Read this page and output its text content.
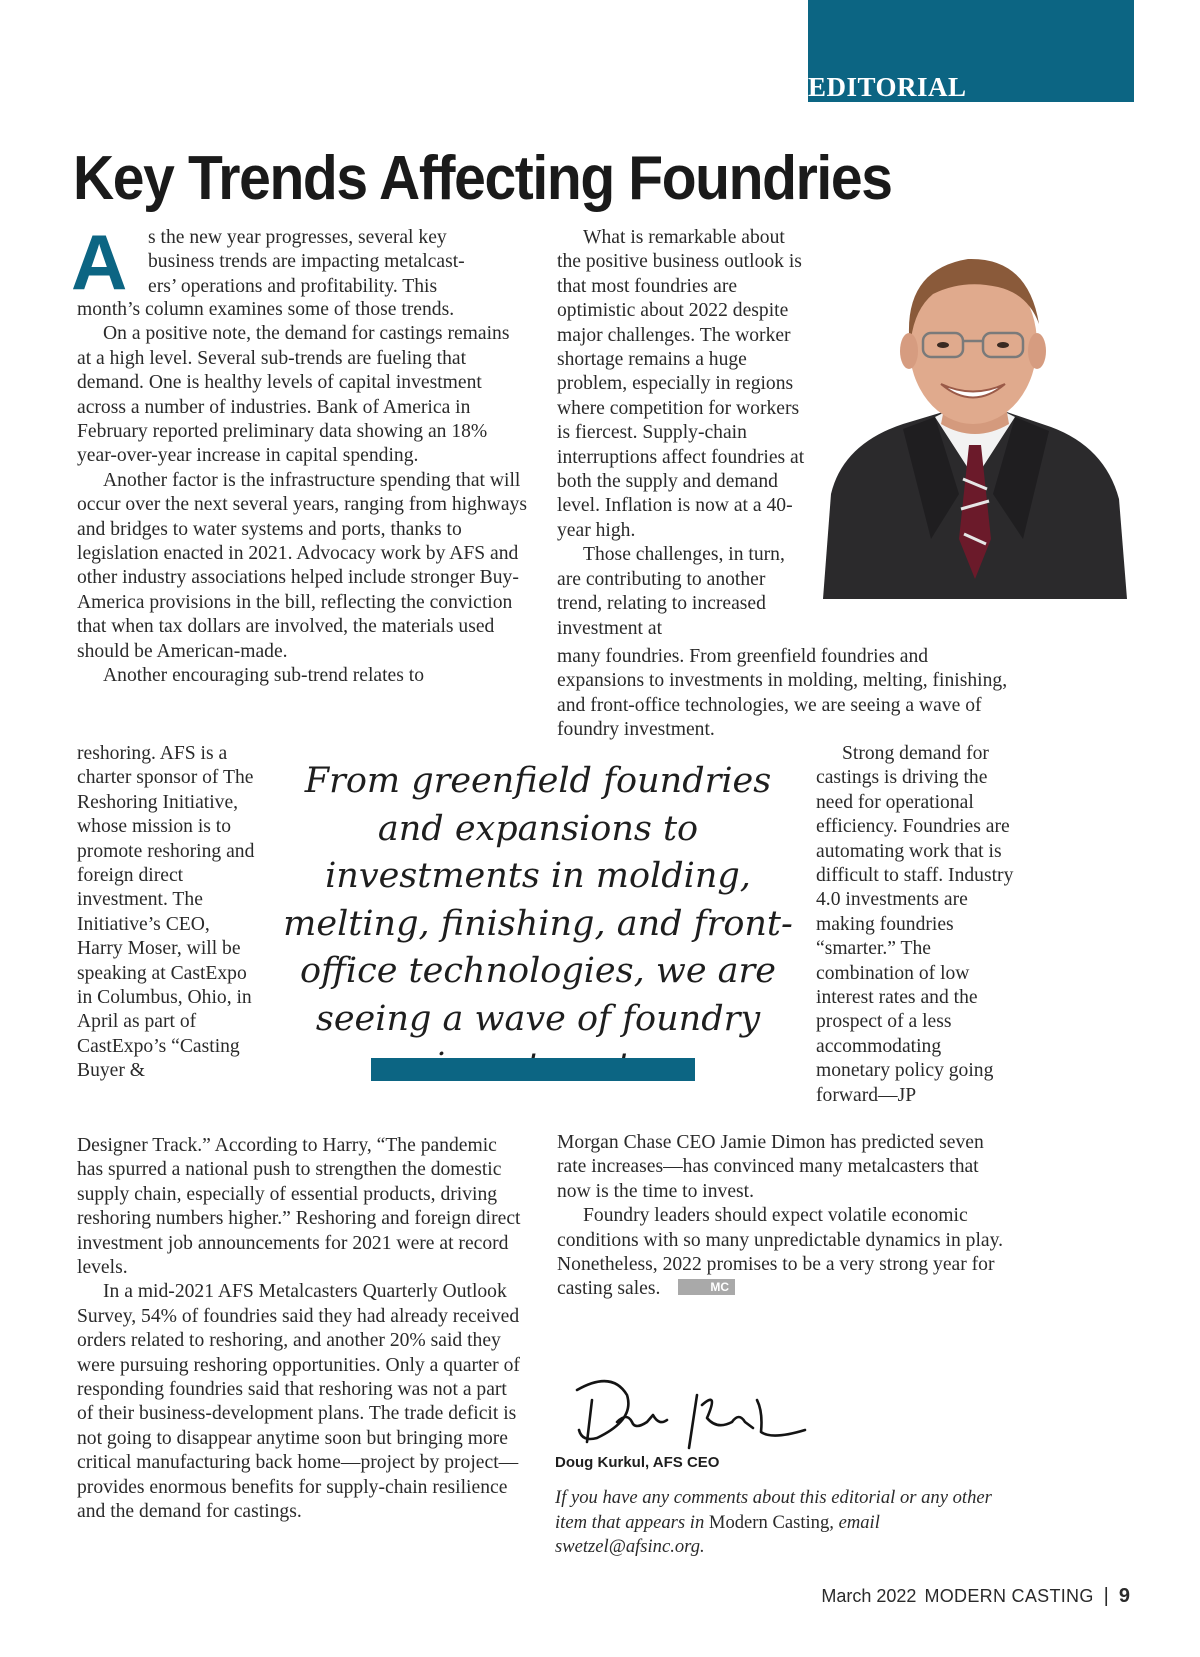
EDITORIAL
Key Trends Affecting Foundries
A s the new year progresses, several key
business trends are impacting metalcast-
ers’ operations and profitability. This

month’s column examines some of those trends.

On a positive note, the demand for castings remains at a high level. Several sub-trends are fueling that demand. One is healthy levels of capital investment across a number of industries. Bank of America in February reported preliminary data showing an 18% year-over-year increase in capital spending.

Another factor is the infrastructure spending that will occur over the next several years, ranging from highways and bridges to water systems and ports, thanks to legislation enacted in 2021. Advocacy work by AFS and other industry associations helped include stronger Buy-America provisions in the bill, reflecting the conviction that when tax dollars are involved, the materials used should be American-made.

Another encouraging sub-trend relates to

reshoring. AFS is a charter sponsor of The Reshoring Initiative, whose mission is to promote reshoring and foreign direct investment. The Initiative’s CEO, Harry Moser, will be speaking at CastExpo in Columbus, Ohio, in April as part of CastExpo’s “Casting Buyer &

Designer Track.” According to Harry, “The pandemic has spurred a national push to strengthen the domestic supply chain, especially of essential products, driving reshoring numbers higher.” Reshoring and foreign direct investment job announcements for 2021 were at record levels.

In a mid-2021 AFS Metalcasters Quarterly Outlook Survey, 54% of foundries said they had already received orders related to reshoring, and another 20% said they were pursuing reshoring opportunities. Only a quarter of responding foundries said that reshoring was not a part of their business-development plans. The trade deficit is not going to disappear anytime soon but bringing more critical manufacturing back home—project by project—provides enormous benefits for supply-chain resilience and the demand for castings.

What is remarkable about the positive business outlook is that most foundries are optimistic about 2022 despite major challenges. The worker shortage remains a huge problem, especially in regions where competition for workers is fiercest. Supply-chain interruptions affect foundries at both the supply and demand level. Inflation is now at a 40-year high.

Those challenges, in turn, are contributing to another trend, relating to increased investment at

many foundries. From greenfield foundries and expansions to investments in molding, melting, finishing, and front-office technologies, we are seeing a wave of foundry investment.

Strong demand for castings is driving the need for operational efficiency. Foundries are automating work that is difficult to staff. Industry 4.0 investments are making foundries “smarter.” The combination of low interest rates and the prospect of a less accommodating monetary policy going forward—JP

Morgan Chase CEO Jamie Dimon has predicted seven rate increases—has convinced many metalcasters that now is the time to invest.

Foundry leaders should expect volatile economic conditions with so many unpredictable dynamics in play. Nonetheless, 2022 promises to be a very strong year for casting sales.	MC

From greenfield foundries and expansions to investments in molding, melting, finishing, and front-office technologies, we are seeing a wave of foundry
Doug Kurkul, AFS CEO
If you have any comments about this editorial or any other item that appears in Modern Casting, email swetzel@afsinc.org.
March 2022 MODERN CASTING | 9
